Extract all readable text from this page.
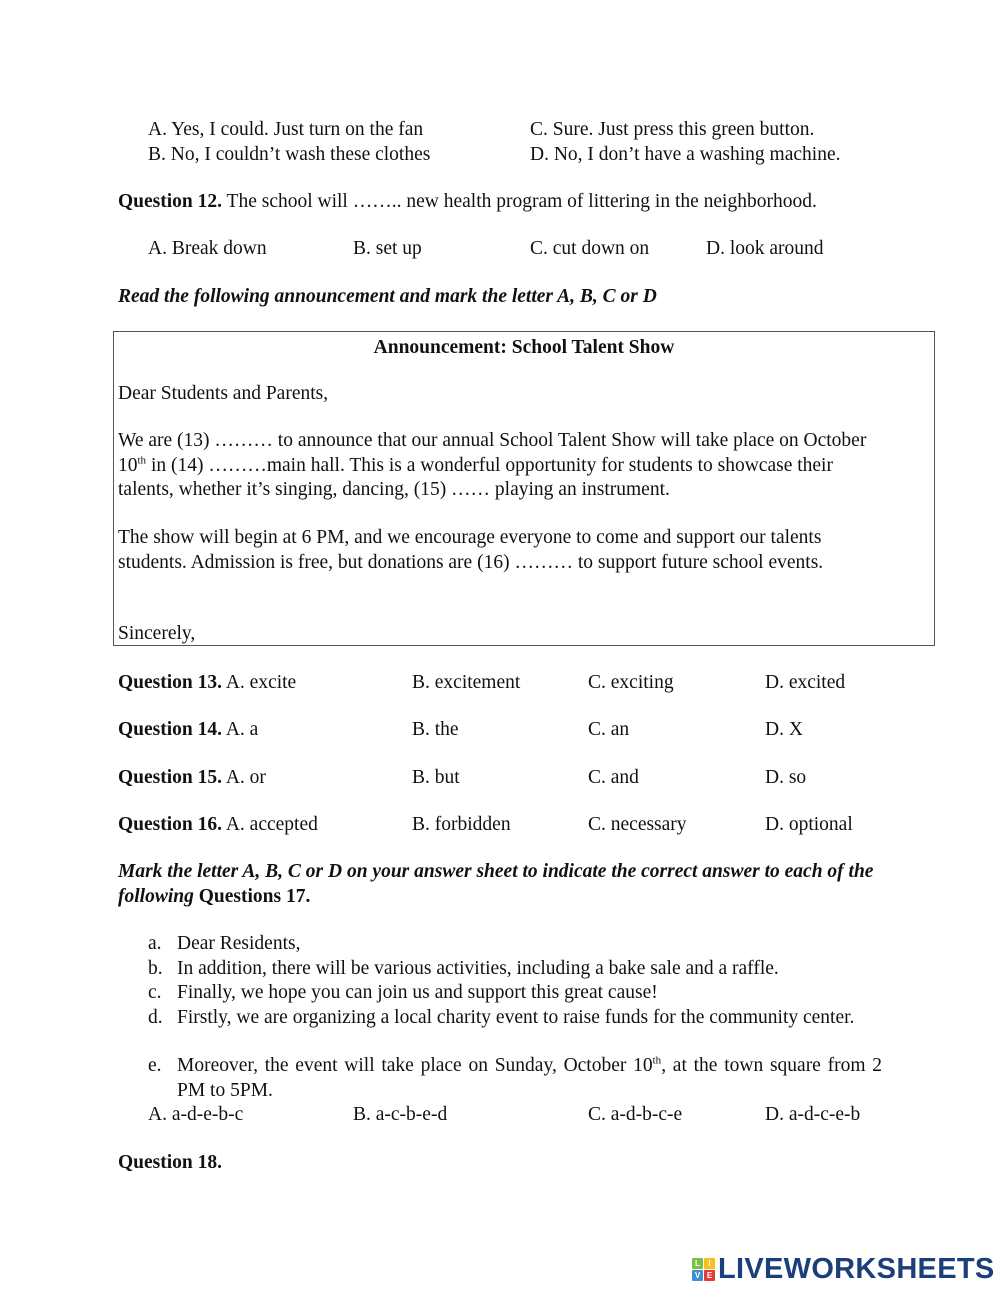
A. Yes, I could. Just turn on the fan	C. Sure. Just press this green button.
B. No, I couldn’t wash these clothes	D. No, I don’t have a washing machine.
Question 12. The school will …….. new health program of littering in the neighborhood.
A. Break down	B. set up	C. cut down on	D. look around
Read the following announcement and mark the letter A, B, C or D
Announcement: School Talent Show
Dear Students and Parents,
We are (13) ……… to announce that our annual School Talent Show will take place on October 10th in (14) ………main hall. This is a wonderful opportunity for students to showcase their talents, whether it’s singing, dancing, (15) …… playing an instrument.
The show will begin at 6 PM, and we encourage everyone to come and support our talents students. Admission is free, but donations are (16) ……… to support future school events.
Sincerely,
Question 13. A. excite	B. excitement	C. exciting	D. excited
Question 14. A. a	B. the	C. an	D. X
Question 15. A. or	B. but	C. and	D. so
Question 16. A. accepted	B. forbidden	C. necessary	D. optional
Mark the letter A, B, C or D on your answer sheet to indicate the correct answer to each of the following Questions 17.
a. Dear Residents,
b. In addition, there will be various activities, including a bake sale and a raffle.
c. Finally, we hope you can join us and support this great cause!
d. Firstly, we are organizing a local charity event to raise funds for the community center.
e. Moreover, the event will take place on Sunday, October 10th, at the town square from 2 PM to 5PM.
A. a-d-e-b-c	B. a-c-b-e-d	C. a-d-b-c-e	D. a-d-c-e-b
Question 18.
L	I
V E LIVEWORKSHEETS
